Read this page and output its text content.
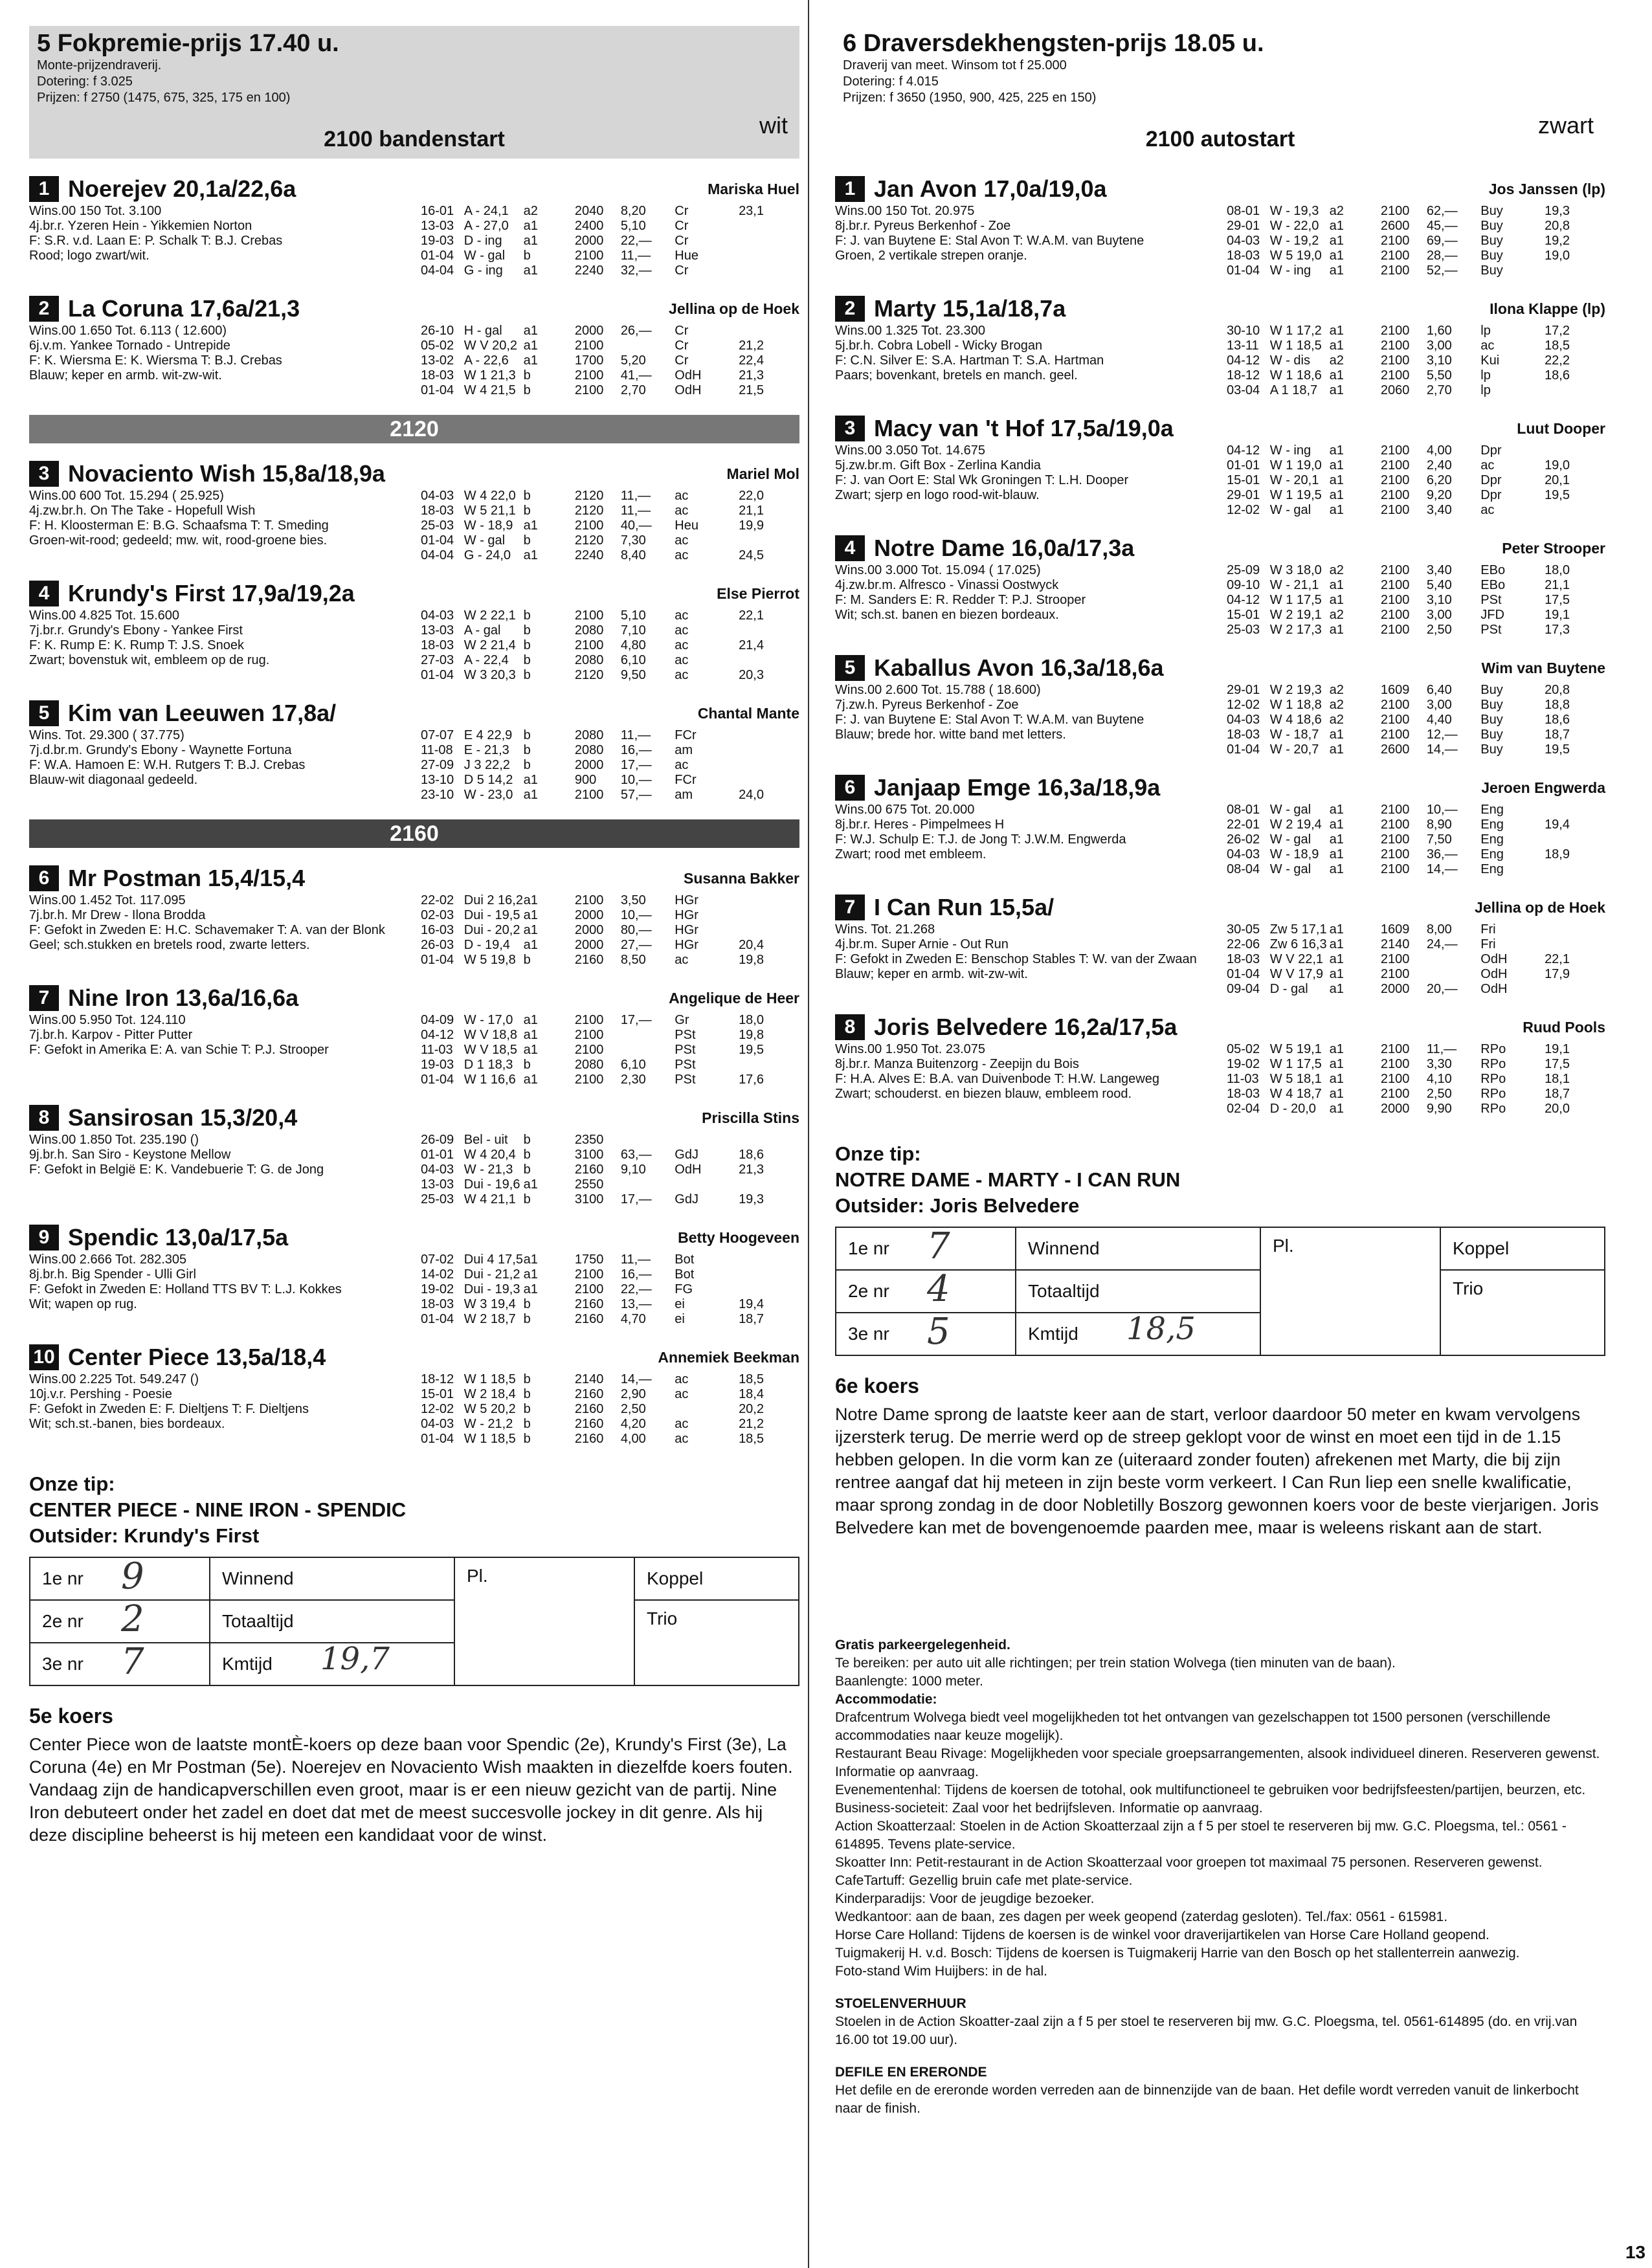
5 Fokpremie-prijs 17.40 u.
Monte-prijzendraverij.
Dotering: f 3.025
Prijzen: f 2750 (1475, 675, 325, 175 en 100)
2100 bandenstart
wit
1 Noerejev 20,1a/22,6a	Mariska Huel
Wins.00 150 Tot. 3.100
4j.br.r. Yzeren Hein - Yikkemien Norton
F: S.R. v.d. Laan E: P. Schalk T: B.J. Crebas
Rood; logo zwart/wit.
16-01 A - 24,1	a2	2040	8,20	Cr	23,1
13-03 A - 27,0	a1	2400	5,10	Cr
19-03 D - ing	a1	2000	22,—	Cr
01-04 W - gal	b	2100	11,—	Hue
04-04 G - ing	a1	2240	32,—	Cr
2 La Coruna 17,6a/21,3	Jellina op de Hoek
Wins.00 1.650 Tot. 6.113 ( 12.600)
6j.v.m. Yankee Tornado - Untrepide
F: K. Wiersma E: K. Wiersma T: B.J. Crebas
Blauw; keper en armb. wit-zw-wit.
26-10 H - gal	a1	2000	26,—	Cr
05-02 W V 20,2 a1	2100	Cr	21,2
13-02 A - 22,6	a1	1700	5,20	Cr	22,4
18-03 W 1 21,3 b	2100	41,—	OdH	21,3
01-04 W 4 21,5 b	2100	2,70	OdH	21,5
2120
3 Novaciento Wish 15,8a/18,9a	Mariel Mol
Wins.00 600 Tot. 15.294 ( 25.925)
4j.zw.br.h. On The Take - Hopefull Wish
F: H. Kloosterman E: B.G. Schaafsma T: T. Smeding
Groen-wit-rood; gedeeld; mw. wit, rood-groene bies.
04-03 W 4 22,0 b	2120	11,—	ac	22,0
18-03 W 5 21,1 b	2120	11,—	ac	21,1
25-03 W - 18,9 a1	2100	40,—	Heu	19,9
01-04 W - gal	b	2120	7,30	ac
04-04 G - 24,0 a1	2240	8,40	ac	24,5
4 Krundy's First 17,9a/19,2a	Else Pierrot
Wins.00 4.825 Tot. 15.600
7j.br.r. Grundy's Ebony - Yankee First
F: K. Rump E: K. Rump T: J.S. Snoek
Zwart; bovenstuk wit, embleem op de rug.
04-03 W 2 22,1 b	2100	5,10	ac	22,1
13-03 A - gal	b	2080	7,10	ac
18-03 W 2 21,4 b	2100	4,80	ac	21,4
27-03 A - 22,4	b	2080	6,10	ac
01-04 W 3 20,3 b	2120	9,50	ac	20,3
5 Kim van Leeuwen 17,8a/	Chantal Mante
Wins. Tot. 29.300 ( 37.775)
7j.d.br.m. Grundy's Ebony - Waynette Fortuna
F: W.A. Hamoen E: W.H. Rutgers T: B.J. Crebas
Blauw-wit diagonaal gedeeld.
07-07 E 4 22,9 b	2080	11,—	FCr
11-08 E - 21,3	b	2080	16,—	am
27-09 J 3 22,2	b	2000	17,—	ac
13-10 D 5 14,2 a1	900	10,—	FCr
23-10 W - 23,0 a1	2100	57,—	am	24,0
2160
6 Mr Postman 15,4/15,4	Susanna Bakker
Wins.00 1.452 Tot. 117.095
7j.br.h. Mr Drew - Ilona Brodda
F: Gefokt in Zweden E: H.C. Schavemaker T: A. van der Blonk
Geel; sch.stukken en bretels rood, zwarte letters.
22-02 Dui 2 16,2 a1	2100	3,50	HGr
02-03 Dui - 19,5 a1	2000	10,—	HGr
16-03 Dui - 20,2 a1	2000	80,—	HGr
26-03 D - 19,4	a1	2000	27,—	HGr	20,4
01-04 W 5 19,8 b	2160	8,50	ac	19,8
7 Nine Iron 13,6a/16,6a	Angelique de Heer
Wins.00 5.950 Tot. 124.110
7j.br.h. Karpov - Pitter Putter
F: Gefokt in Amerika E: A. van Schie T: P.J. Strooper
04-09 W - 17,0 a1	2100	17,—	Gr	18,0
04-12 W V 18,8 a1	2100	PSt	19,8
11-03 W V 18,5 a1	2100	PSt	19,5
19-03 D 1 18,3 b	2080	6,10	PSt
01-04 W 1 16,6 a1	2100	2,30	PSt	17,6
8 Sansirosan 15,3/20,4	Priscilla Stins
Wins.00 1.850 Tot. 235.190 ()
9j.br.h. San Siro - Keystone Mellow
F: Gefokt in België E: K. Vandebuerie T: G. de Jong
26-09 Bel - uit	b	2350
01-01 W 4 20,4 b	3100	63,—	GdJ	18,6
04-03 W - 21,3 b	2160	9,10	OdH	21,3
13-03 Dui - 19,6 a1	2550
25-03 W 4 21,1 b	3100	17,—	GdJ	19,3
9 Spendic 13,0a/17,5a	Betty Hoogeveen
Wins.00 2.666 Tot. 282.305
8j.br.h. Big Spender - Ulli Girl
F: Gefokt in Zweden E: Holland TTS BV T: L.J. Kokkes
Wit; wapen op rug.
07-02 Dui 4 17,5 a1	1750	11,—	Bot
14-02 Dui - 21,2 a1	2100	16,—	Bot
19-02 Dui - 19,3 a1	2100	22,—	FG
18-03 W 3 19,4 b	2160	13,—	ei	19,4
01-04 W 2 18,7 b	2160	4,70	ei	18,7
10 Center Piece 13,5a/18,4	Annemiek Beekman
Wins.00 2.225 Tot. 549.247 ()
10j.v.r. Pershing - Poesie
F: Gefokt in Zweden E: F. Dieltjens T: F. Dieltjens
Wit; sch.st.-banen, bies bordeaux.
18-12 W 1 18,5 b	2140	14,—	ac	18,5
15-01 W 2 18,4 b	2160	2,90	ac	18,4
12-02 W 5 20,2 b	2160	2,50	20,2
04-03 W - 21,2 b	2160	4,20	ac	21,2
01-04 W 1 18,5 b	2160	4,00	ac	18,5
Onze tip:
CENTER PIECE - NINE IRON - SPENDIC
Outsider: Krundy's First
1e nr 9	Winnend	Pl.	Koppel
2e nr 2	Totaaltijd		Trio
3e nr 7	Kmtijd 19,7		
5e koers

Center Piece won de laatste montÈ-koers op deze baan voor Spendic (2e), Krundy's First (3e), La Coruna (4e) en Mr Postman (5e). Noerejev en Novaciento Wish maakten in diezelfde koers fouten. Vandaag zijn de handicapverschillen even groot, maar is er een nieuw gezicht van de partij. Nine Iron debuteert onder het zadel en doet dat met de meest succesvolle jockey in dit genre. Als hij deze discipline beheerst is hij meteen een kandidaat voor de winst.

6 Draversdekhengsten-prijs 18.05 u.
Draverij van meet. Winsom tot f 25.000
Dotering: f 4.015
Prijzen: f 3650 (1950, 900, 425, 225 en 150)
2100 autostart
zwart
1 Jan Avon 17,0a/19,0a	Jos Janssen (lp)
Wins.00 150 Tot. 20.975
8j.br.r. Pyreus Berkenhof - Zoe
F: J. van Buytene E: Stal Avon T: W.A.M. van Buytene
Groen, 2 vertikale strepen oranje.
08-01 W - 19,3 a2	2100	62,—	Buy	19,3
29-01 W - 22,0 a1	2600	45,—	Buy	20,8
04-03 W - 19,2 a1	2100	69,—	Buy	19,2
18-03 W 5 19,0 a1	2100	28,—	Buy	19,0
01-04 W - ing	a1	2100	52,—	Buy
2 Marty 15,1a/18,7a	Ilona Klappe (lp)
Wins.00 1.325 Tot. 23.300
5j.br.h. Cobra Lobell - Wicky Brogan
F: C.N. Silver E: S.A. Hartman T: S.A. Hartman
Paars; bovenkant, bretels en manch. geel.
30-10 W 1 17,2 a1	2100	1,60	lp	17,2
13-11 W 1 18,5 a1	2100	3,00	ac	18,5
04-12 W - dis	a2	2100	3,10	Kui	22,2
18-12 W 1 18,6 a1	2100	5,50	lp	18,6
03-04 A 1 18,7 a1	2060	2,70	lp
3 Macy van 't Hof 17,5a/19,0a	Luut Dooper
Wins.00 3.050 Tot. 14.675
5j.zw.br.m. Gift Box - Zerlina Kandia
F: J. van Oort E: Stal Wk Groningen T: L.H. Dooper
Zwart; sjerp en logo rood-wit-blauw.
04-12 W - ing	a1	2100	4,00	Dpr
01-01 W 1 19,0 a1	2100	2,40	ac	19,0
15-01 W - 20,1 a1	2100	6,20	Dpr	20,1
29-01 W 1 19,5 a1	2100	9,20	Dpr	19,5
12-02 W - gal	a1	2100	3,40	ac
4 Notre Dame 16,0a/17,3a	Peter Strooper
Wins.00 3.000 Tot. 15.094 ( 17.025)
4j.zw.br.m. Alfresco - Vinassi Oostwyck
F: M. Sanders E: R. Redder T: P.J. Strooper
Wit; sch.st. banen en biezen bordeaux.
25-09 W 3 18,0 a2	2100	3,40	EBo	18,0
09-10 W - 21,1 a1	2100	5,40	EBo	21,1
04-12 W 1 17,5 a1	2100	3,10	PSt	17,5
15-01 W 2 19,1 a2	2100	3,00	JFD	19,1
25-03 W 2 17,3 a1	2100	2,50	PSt	17,3
5 Kaballus Avon 16,3a/18,6a	Wim van Buytene
Wins.00 2.600 Tot. 15.788 ( 18.600)
7j.zw.h. Pyreus Berkenhof - Zoe
F: J. van Buytene E: Stal Avon T: W.A.M. van Buytene
Blauw; brede hor. witte band met letters.
29-01 W 2 19,3 a2	1609	6,40	Buy	20,8
12-02 W 1 18,8 a2	2100	3,00	Buy	18,8
04-03 W 4 18,6 a2	2100	4,40	Buy	18,6
18-03 W - 18,7 a1	2100	12,—	Buy	18,7
01-04 W - 20,7 a1	2600	14,—	Buy	19,5
6 Janjaap Emge 16,3a/18,9a	Jeroen Engwerda
Wins.00 675 Tot. 20.000
8j.br.r. Heres - Pimpelmees H
F: W.J. Schulp E: T.J. de Jong T: J.W.M. Engwerda
Zwart; rood met embleem.
08-01 W - gal	a1	2100	10,—	Eng
22-01 W 2 19,4 a1	2100	8,90	Eng	19,4
26-02 W - gal	a1	2100	7,50	Eng
04-03 W - 18,9 a1	2100	36,—	Eng	18,9
08-04 W - gal	a1	2100	14,—	Eng
7 I Can Run 15,5a/	Jellina op de Hoek
Wins. Tot. 21.268
4j.br.m. Super Arnie - Out Run
F: Gefokt in Zweden E: Benschop Stables T: W. van der Zwaan
Blauw; keper en armb. wit-zw-wit.
30-05 Zw 5 17,1 a1	1609	8,00	Fri
22-06 Zw 6 16,3 a1	2140	24,—	Fri
18-03 W V 22,1 a1	2100	OdH	22,1
01-04 W V 17,9 a1	2100	OdH	17,9
09-04 D - gal	a1	2000	20,—	OdH
8 Joris Belvedere 16,2a/17,5a	Ruud Pools
Wins.00 1.950 Tot. 23.075
8j.br.r. Manza Buitenzorg - Zeepijn du Bois
F: H.A. Alves E: B.A. van Duivenbode T: H.W. Langeweg
Zwart; schouderst. en biezen blauw, embleem rood.
05-02 W 5 19,1 a1	2100	11,—	RPo	19,1
19-02 W 1 17,5 a1	2100	3,30	RPo	17,5
11-03 W 5 18,1 a1	2100	4,10	RPo	18,1
18-03 W 4 18,7 a1	2100	2,50	RPo	18,7
02-04 D - 20,0	a1	2000	9,90	RPo	20,0
Onze tip:
NOTRE DAME - MARTY - I CAN RUN
Outsider: Joris Belvedere
1e nr 7	Winnend	Pl.	Koppel
2e nr 4	Totaaltijd		Trio
3e nr 5	Kmtijd 18,5		
6e koers

Notre Dame sprong de laatste keer aan de start, verloor daardoor 50 meter en kwam vervolgens ijzersterk terug. De merrie werd op de streep geklopt voor de winst en moet een tijd in de 1.15 hebben gelopen. In die vorm kan ze (uiteraard zonder fouten) afrekenen met Marty, die bij zijn rentree aangaf dat hij meteen in zijn beste vorm verkeert. I Can Run liep een snelle kwalificatie, maar sprong zondag in de door Nobletilly Boszorg gewonnen koers voor de beste vierjarigen. Joris Belvedere kan met de bovengenoemde paarden mee, maar is weleens riskant aan de start.

Gratis parkeergelegenheid.
Te bereiken: per auto uit alle richtingen; per trein station Wolvega (tien minuten van de baan).
Baanlengte: 1000 meter.
Accommodatie:
Drafcentrum Wolvega biedt veel mogelijkheden tot het ontvangen van gezelschappen tot 1500 personen (verschillende accommodaties naar keuze mogelijk).
Restaurant Beau Rivage: Mogelijkheden voor speciale groepsarrangementen, alsook individueel dineren. Reserveren gewenst. Informatie op aanvraag.
Evenementenhal: Tijdens de koersen de totohal, ook multifunctioneel te gebruiken voor bedrijfsfeesten/partijen, beurzen, etc.
Business-societeit: Zaal voor het bedrijfsleven. Informatie op aanvraag.
Action Skoatterzaal: Stoelen in de Action Skoatterzaal zijn a f 5 per stoel te reserveren bij mw. G.C. Ploegsma, tel.: 0561 - 614895. Tevens plate-service.
Skoatter Inn: Petit-restaurant in de Action Skoatterzaal voor groepen tot maximaal 75 personen. Reserveren gewenst.
CafeTartuff: Gezellig bruin cafe met plate-service.
Kinderparadijs: Voor de jeugdige bezoeker.
Wedkantoor: aan de baan, zes dagen per week geopend (zaterdag gesloten). Tel./fax: 0561 - 615981.
Horse Care Holland: Tijdens de koersen is de winkel voor draverijartikelen van Horse Care Holland geopend.
Tuigmakerij H. v.d. Bosch: Tijdens de koersen is Tuigmakerij Harrie van den Bosch op het stallenterrein aanwezig.
Foto-stand Wim Huijbers: in de hal.
STOELENVERHUUR
Stoelen in de Action Skoatter-zaal zijn a f 5 per stoel te reserveren bij mw. G.C. Ploegsma, tel. 0561-614895 (do. en vrij.van 16.00 tot 19.00 uur).
DEFILE EN ERERONDE
Het defile en de ereronde worden verreden aan de binnenzijde van de baan. Het defile wordt verreden vanuit de linkerbocht naar de finish.
13
